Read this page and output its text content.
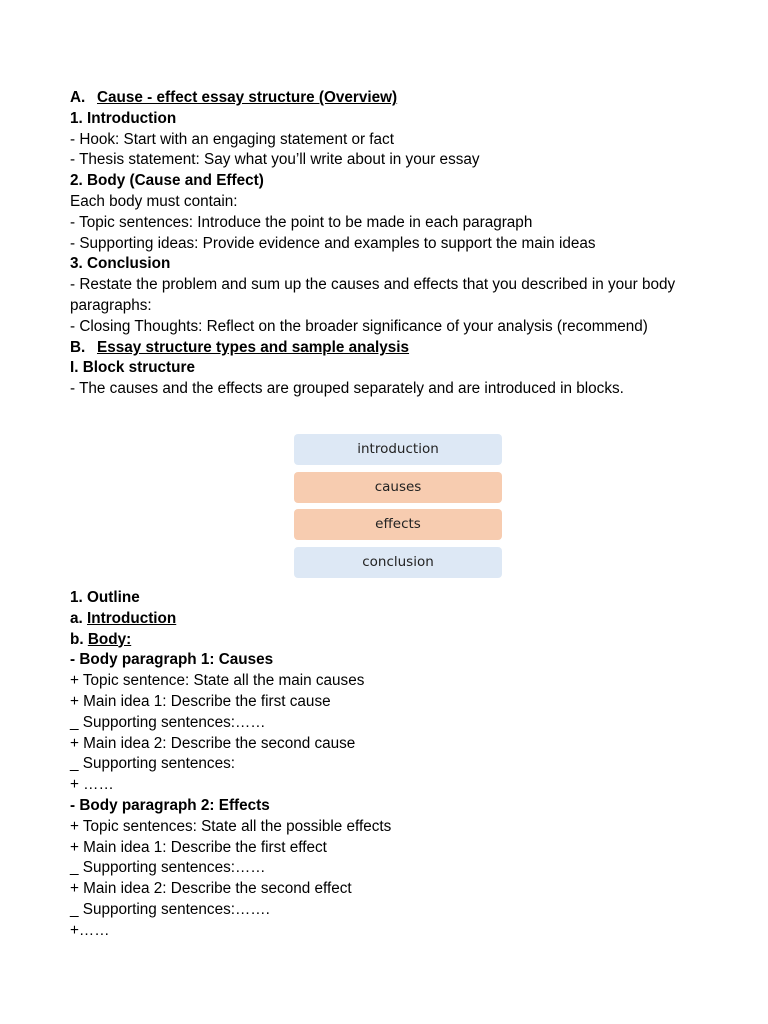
A. Cause - effect essay structure (Overview)

1. Introduction

- Hook: Start with an engaging statement or fact

- Thesis statement: Say what you’ll write about in your essay

2. Body (Cause and Effect)

Each body must contain:

- Topic sentences: Introduce the point to be made in each paragraph

- Supporting ideas: Provide evidence and examples to support the main ideas

3. Conclusion

- Restate the problem and sum up the causes and effects that you described in your body paragraphs:

- Closing Thoughts: Reflect on the broader significance of your analysis (recommend)

B. Essay structure types and sample analysis

I. Block structure

- The causes and the effects are grouped separately and are introduced in blocks.

introduction
causes
effects
conclusion

1. Outline

a. Introduction

b. Body:

- Body paragraph 1: Causes

+ Topic sentence: State all the main causes

+ Main idea 1: Describe the first cause

_ Supporting sentences:……

+ Main idea 2: Describe the second cause

_ Supporting sentences:

+ ……

- Body paragraph 2: Effects

+ Topic sentences: State all the possible effects

+ Main idea 1: Describe the first effect

_ Supporting sentences:……

+ Main idea 2: Describe the second effect

_ Supporting sentences:…….

+……
